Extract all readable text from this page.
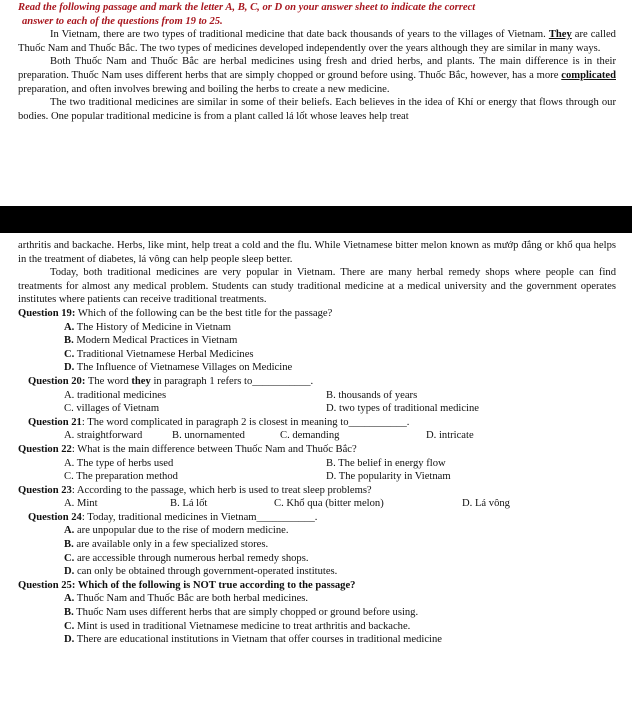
Read the following passage and mark the letter A, B, C, or D on your answer sheet to indicate the correct
answer to each of the questions from 19 to 25.

In Vietnam, there are two types of traditional medicine that date back thousands of years to the villages of Vietnam. They are called Thuốc Nam and Thuốc Bắc. The two types of medicines developed independently over the years although they are similar in many ways.

Both Thuốc Nam and Thuốc Bắc are herbal medicines using fresh and dried herbs, and plants. The main difference is in their preparation. Thuốc Nam uses different herbs that are simply chopped or ground before using. Thuốc Bắc, however, has a more complicated preparation, and often involves brewing and boiling the herbs to create a new medicine.

The two traditional medicines are similar in some of their beliefs. Each believes in the idea of Khí or energy that flows through our bodies. One popular traditional medicine is from a plant called lá lốt whose leaves help treat

arthritis and backache. Herbs, like mint, help treat a cold and the flu. While Vietnamese bitter melon known as mướp đắng or khổ qua helps in the treatment of diabetes, lá vông can help people sleep better.

Today, both traditional medicines are very popular in Vietnam. There are many herbal remedy shops where people can find treatments for almost any medical problem. Students can study traditional medicine at a medical university and the government operates institutes where patients can receive traditional treatments.

Question 19: Which of the following can be the best title for the passage?

A. The History of Medicine in Vietnam

B. Modern Medical Practices in Vietnam

C. Traditional Vietnamese Herbal Medicines

D. The Influence of Vietnamese Villages on Medicine

Question 20: The word they in paragraph 1 refers to___________.

A. traditional medicines	B. thousands of years
C. villages of Vietnam	D. two types of traditional medicine

Question 21: The word complicated in paragraph 2 is closest in meaning to___________.

A. straightforward	B. unornamented	C. demanding	D. intricate

Question 22: What is the main difference between Thuốc Nam and Thuốc Bắc?

A. The type of herbs used	B. The belief in energy flow
C. The preparation method	D. The popularity in Vietnam

Question 23: According to the passage, which herb is used to treat sleep problems?

A. Mint	B. Lá lốt	C. Khổ qua (bitter melon)	D. Lá vông

Question 24: Today, traditional medicines in Vietnam___________.

A. are unpopular due to the rise of modern medicine.

B. are available only in a few specialized stores.

C. are accessible through numerous herbal remedy shops.

D. can only be obtained through government-operated institutes.

Question 25: Which of the following is NOT true according to the passage?

A. Thuốc Nam and Thuốc Bắc are both herbal medicines.

B. Thuốc Nam uses different herbs that are simply chopped or ground before using.

C. Mint is used in traditional Vietnamese medicine to treat arthritis and backache.

D. There are educational institutions in Vietnam that offer courses in traditional medicine
